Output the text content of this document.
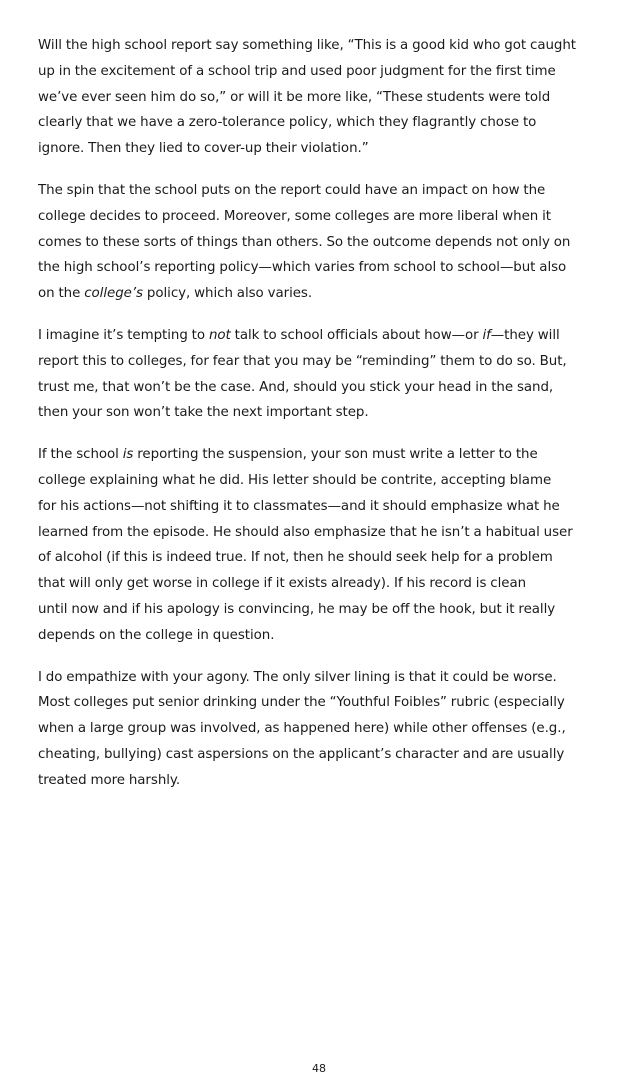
Will the high school report say something like, “This is a good kid who got caught
up in the excitement of a school trip and used poor judgment for the first time
we’ve ever seen him do so,” or will it be more like, “These students were told
clearly that we have a zero-tolerance policy, which they flagrantly chose to
ignore. Then they lied to cover-up their violation.”

The spin that the school puts on the report could have an impact on how the
college decides to proceed. Moreover, some colleges are more liberal when it
comes to these sorts of things than others. So the outcome depends not only on
the high school’s reporting policy—which varies from school to school—but also
on the college’s policy, which also varies.

I imagine it’s tempting to not talk to school officials about how—or if—they will
report this to colleges, for fear that you may be “reminding” them to do so. But,
trust me, that won’t be the case. And, should you stick your head in the sand,
then your son won’t take the next important step.

If the school is reporting the suspension, your son must write a letter to the
college explaining what he did. His letter should be contrite, accepting blame
for his actions—not shifting it to classmates—and it should emphasize what he
learned from the episode. He should also emphasize that he isn’t a habitual user
of alcohol (if this is indeed true. If not, then he should seek help for a problem
that will only get worse in college if it exists already). If his record is clean
until now and if his apology is convincing, he may be off the hook, but it really
depends on the college in question.

I do empathize with your agony. The only silver lining is that it could be worse.
Most colleges put senior drinking under the “Youthful Foibles” rubric (especially
when a large group was involved, as happened here) while other offenses (e.g.,
cheating, bullying) cast aspersions on the applicant’s character and are usually
treated more harshly.

48
